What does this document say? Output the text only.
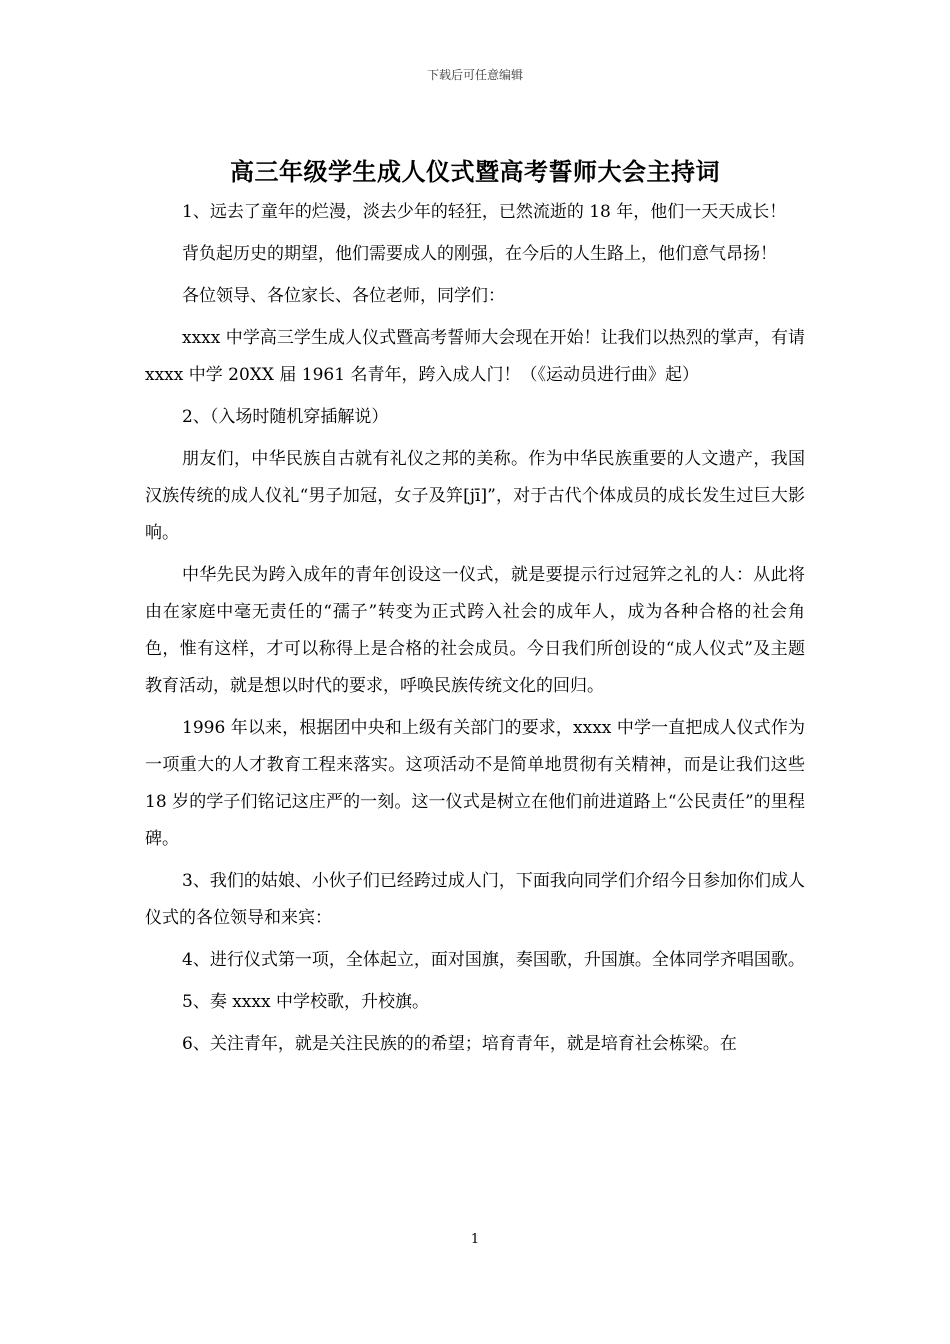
下载后可任意编辑
高三年级学生成人仪式暨高考誓师大会主持词

1、远去了童年的烂漫，淡去少年的轻狂，已然流逝的 18 年，他们一天天成长！

背负起历史的期望，他们需要成人的刚强，在今后的人生路上，他们意气昂扬！

各位领导、各位家长、各位老师，同学们：

xxxx 中学高三学生成人仪式暨高考誓师大会现在开始！让我们以热烈的掌声，有请 xxxx 中学 20XX 届 1961 名青年，跨入成人门！（《运动员进行曲》起）

2、（入场时随机穿插解说）

朋友们，中华民族自古就有礼仪之邦的美称。作为中华民族重要的人文遗产，我国汉族传统的成人仪礼“男子加冠，女子及笄[jī]”，对于古代个体成员的成长发生过巨大影响。

中华先民为跨入成年的青年创设这一仪式，就是要提示行过冠笄之礼的人：从此将由在家庭中毫无责任的“孺子”转变为正式跨入社会的成年人，成为各种合格的社会角色，惟有这样，才可以称得上是合格的社会成员。今日我们所创设的“成人仪式”及主题教育活动，就是想以时代的要求，呼唤民族传统文化的回归。

1996 年以来，根据团中央和上级有关部门的要求，xxxx 中学一直把成人仪式作为一项重大的人才教育工程来落实。这项活动不是简单地贯彻有关精神，而是让我们这些 18 岁的学子们铭记这庄严的一刻。这一仪式是树立在他们前进道路上“公民责任”的里程碑。

3、我们的姑娘、小伙子们已经跨过成人门，下面我向同学们介绍今日参加你们成人仪式的各位领导和来宾：

4、进行仪式第一项，全体起立，面对国旗，奏国歌，升国旗。全体同学齐唱国歌。

5、奏 xxxx 中学校歌，升校旗。

6、关注青年，就是关注民族的的希望；培育青年，就是培育社会栋梁。在

1
